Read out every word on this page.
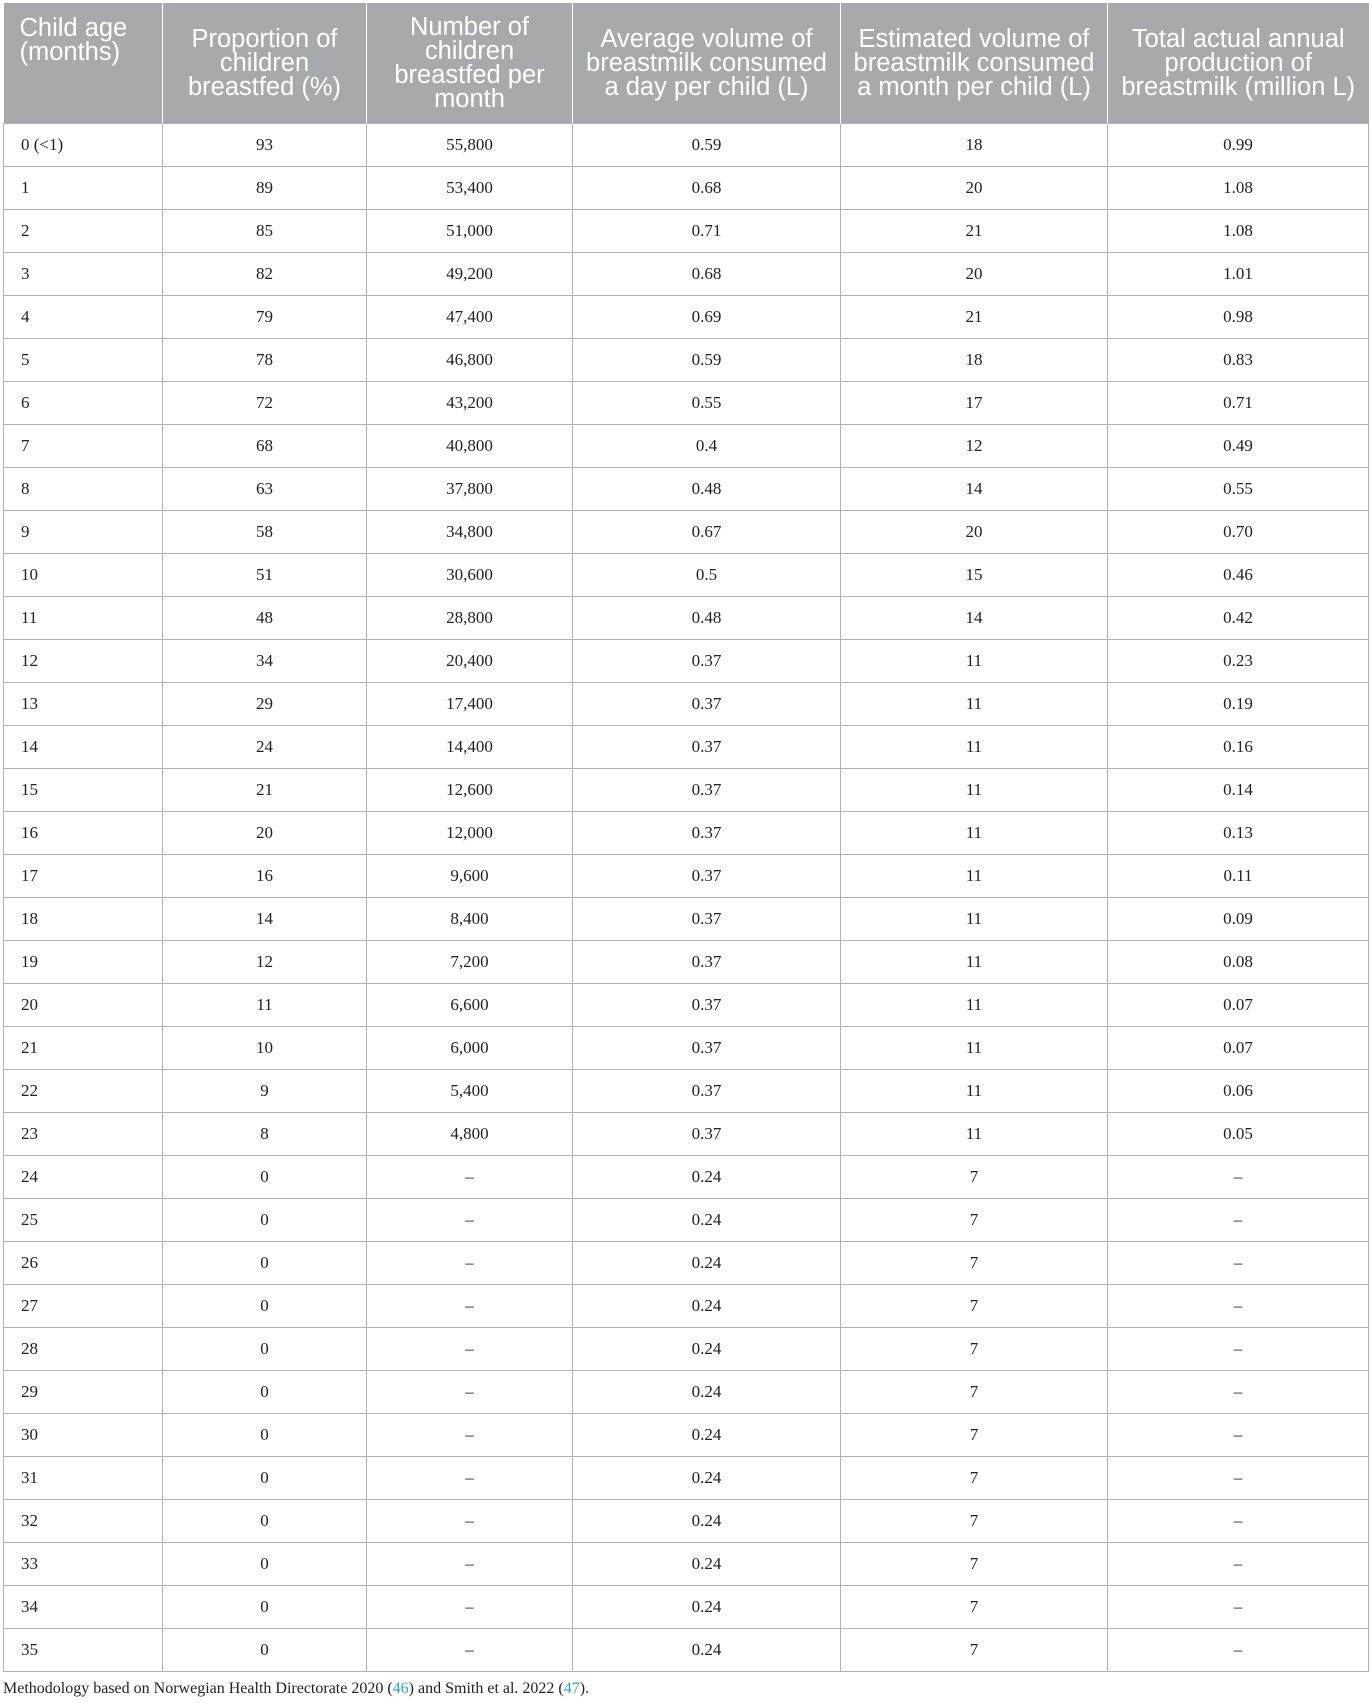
Child age (months)	Proportion of children breastfed (%)	Number of children breastfed per month	Average volume of breastmilk consumed a day per child (L)	Estimated volume of breastmilk consumed a month per child (L)	Total actual annual production of breastmilk (million L)
0 (<1)	93	55,800	0.59	18	0.99
1	89	53,400	0.68	20	1.08
2	85	51,000	0.71	21	1.08
3	82	49,200	0.68	20	1.01
4	79	47,400	0.69	21	0.98
5	78	46,800	0.59	18	0.83
6	72	43,200	0.55	17	0.71
7	68	40,800	0.4	12	0.49
8	63	37,800	0.48	14	0.55
9	58	34,800	0.67	20	0.70
10	51	30,600	0.5	15	0.46
11	48	28,800	0.48	14	0.42
12	34	20,400	0.37	11	0.23
13	29	17,400	0.37	11	0.19
14	24	14,400	0.37	11	0.16
15	21	12,600	0.37	11	0.14
16	20	12,000	0.37	11	0.13
17	16	9,600	0.37	11	0.11
18	14	8,400	0.37	11	0.09
19	12	7,200	0.37	11	0.08
20	11	6,600	0.37	11	0.07
21	10	6,000	0.37	11	0.07
22	9	5,400	0.37	11	0.06
23	8	4,800	0.37	11	0.05
24	0	–	0.24	7	–
25	0	–	0.24	7	–
26	0	–	0.24	7	–
27	0	–	0.24	7	–
28	0	–	0.24	7	–
29	0	–	0.24	7	–
30	0	–	0.24	7	–
31	0	–	0.24	7	–
32	0	–	0.24	7	–
33	0	–	0.24	7	–
34	0	–	0.24	7	–
35	0	–	0.24	7	–
Methodology based on Norwegian Health Directorate 2020 (46) and Smith et al. 2022 (47).
